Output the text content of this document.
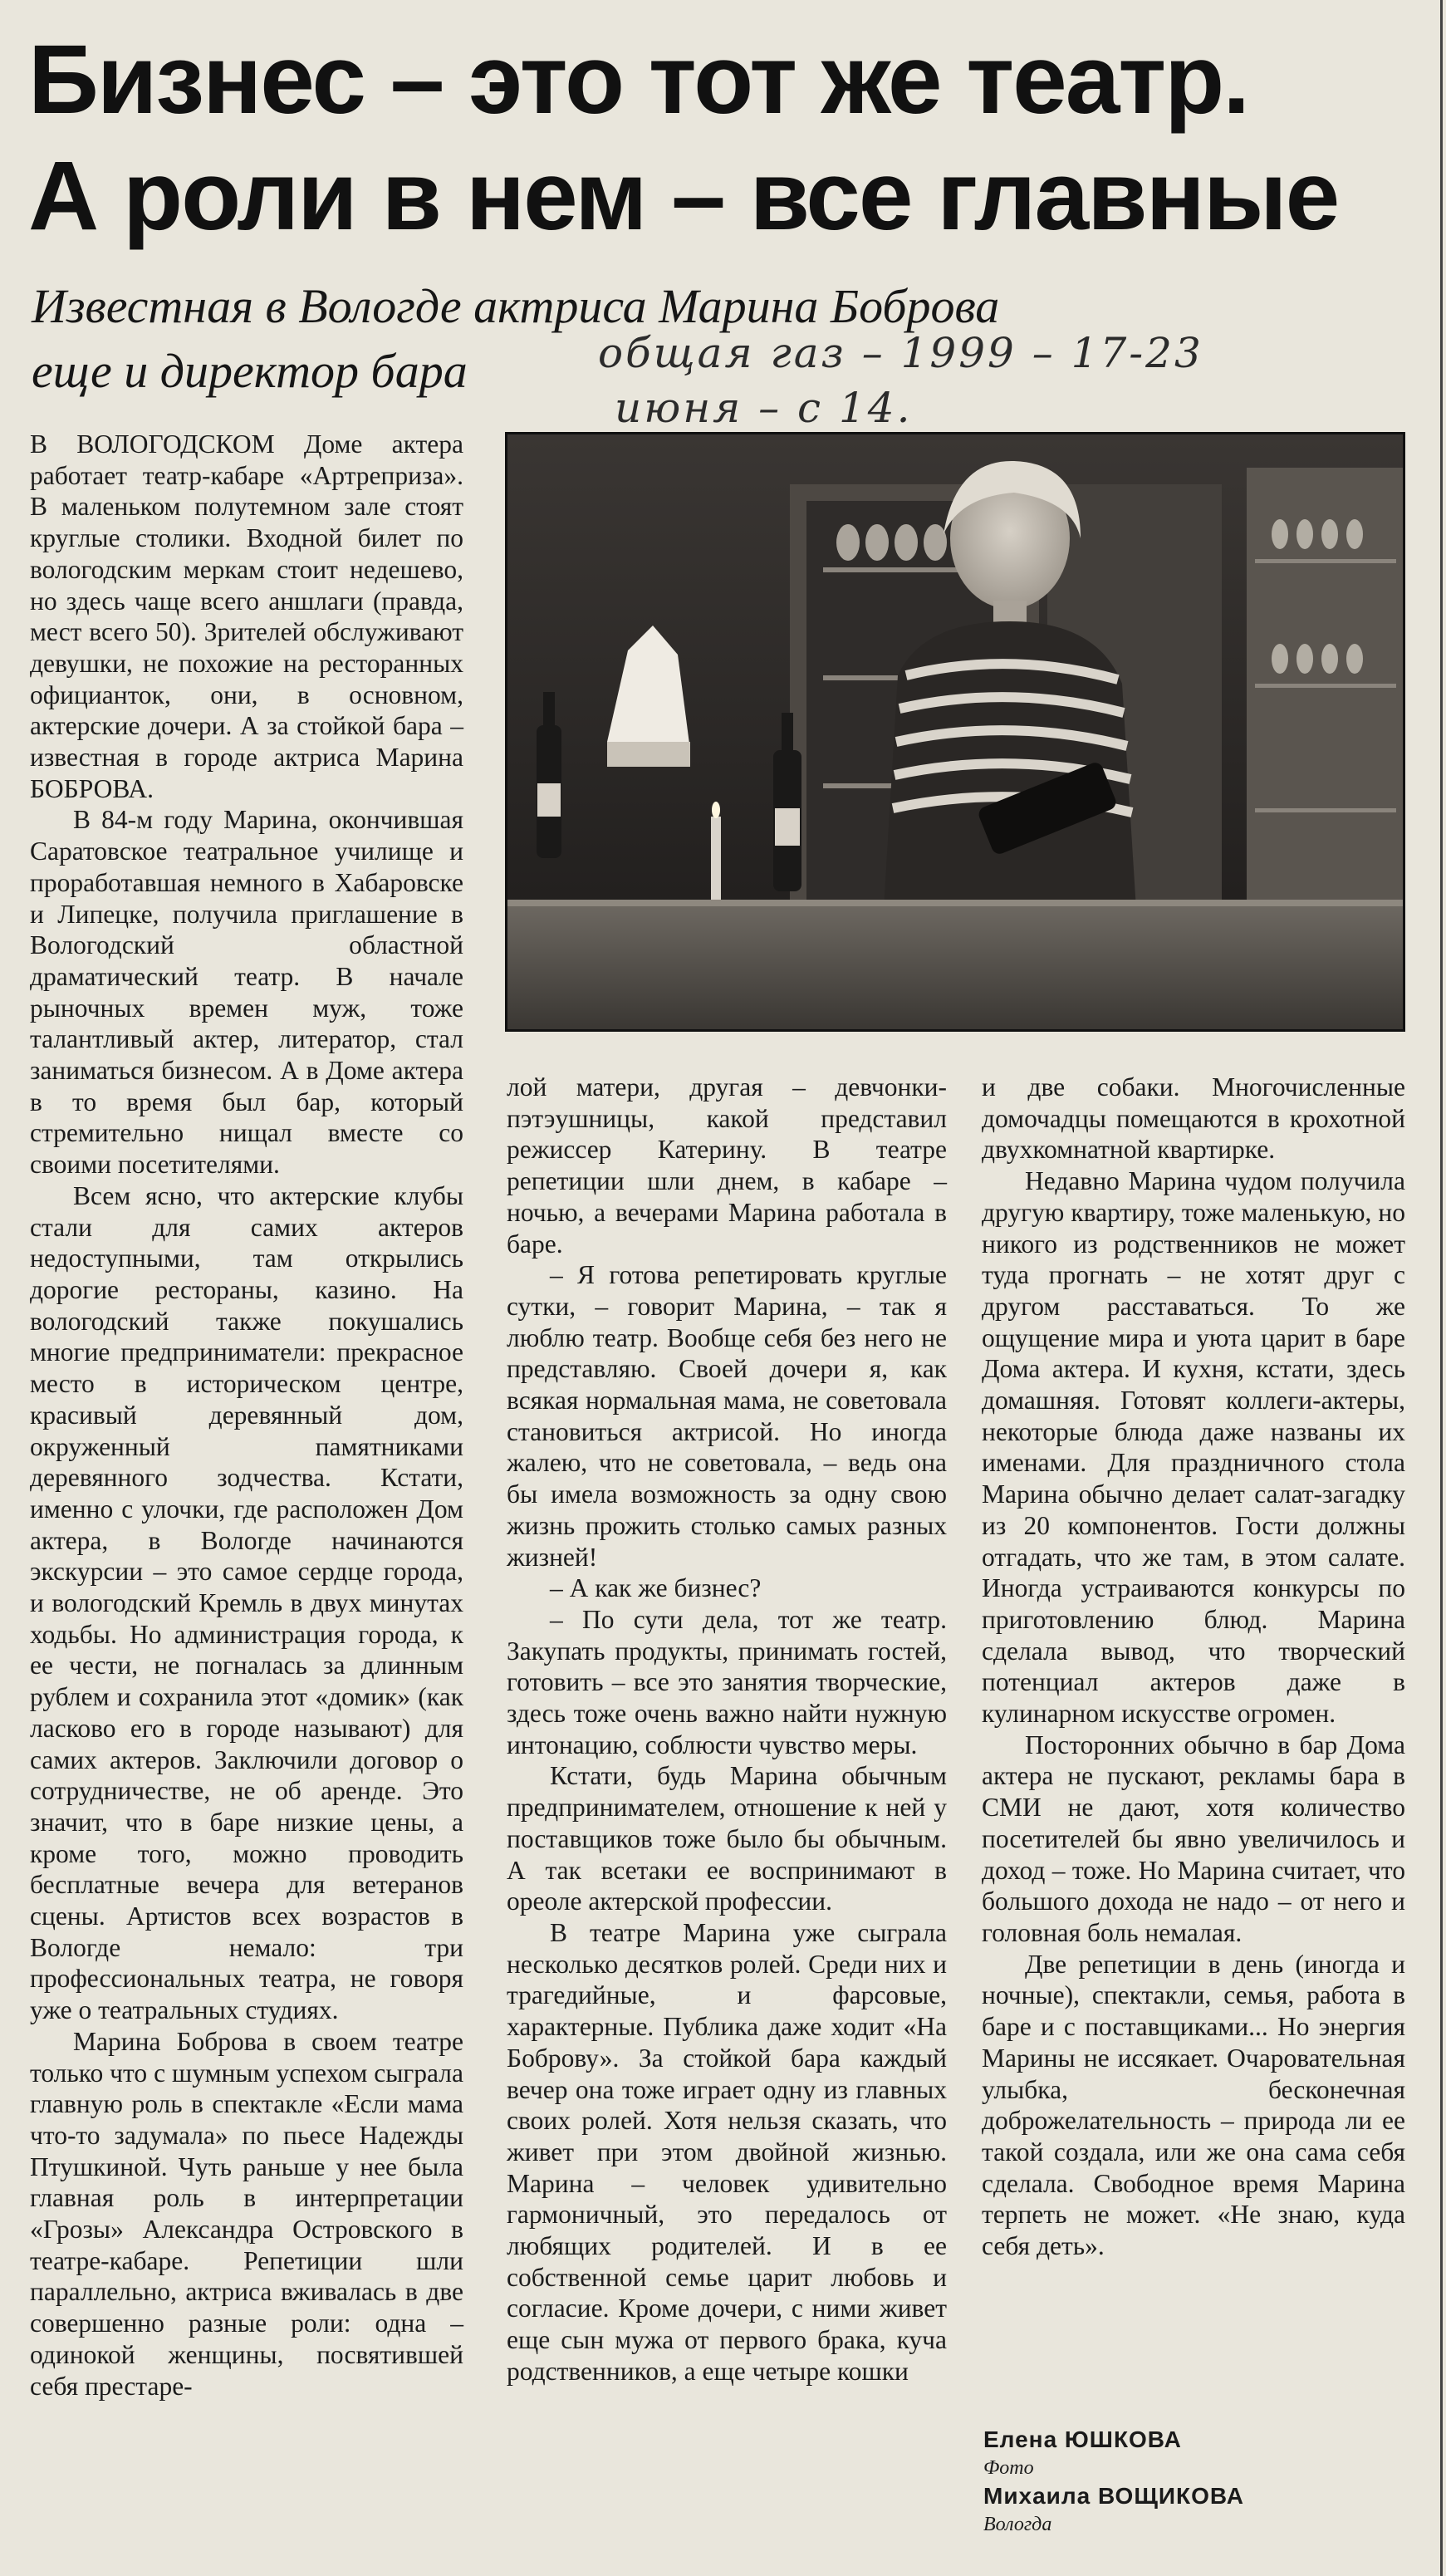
Бизнес – это тот же театр.
А роли в нем – все главные
Известная в Вологде актриса Марина Боброва
еще и директор бара	общая газ – 1999 – 17-23
июня – с 14.

В ВОЛОГОДСКОМ Доме актера работает театр-кабаре «Артрепризa». В маленьком полутемном зале стоят круглые столики. Входной билет по вологодским меркам стоит недешево, но здесь чаще всего аншлаги (правда, мест всего 50). Зрителей обслуживают девушки, не похожие на ресторанных официанток, они, в основном, актерские дочери. А за стойкой бара – известная в городе актриса Марина БОБРОВА.

В 84-м году Марина, окончившая Саратовское театральное училище и проработавшая немного в Хабаровске и Липецке, получила приглашение в Вологодский областной драматический театр. В начале рыночных времен муж, тоже талантливый актер, литератор, стал заниматься бизнесом. А в Доме актера в то время был бар, который стремительно нищал вместе со своими посетителями.

Всем ясно, что актерские клубы стали для самих актеров недоступными, там открылись дорогие рестораны, казино. На вологодский также покушались многие предприниматели: прекрасное место в историческом центре, красивый деревянный дом, окруженный памятниками деревянного зодчества. Кстати, именно с улочки, где расположен Дом актера, в Вологде начинаются экскурсии – это самое сердце города, и вологодский Кремль в двух минутах ходьбы. Но администрация города, к ее чести, не погналась за длинным рублем и сохранила этот «домик» (как ласково его в городе называют) для самих актеров. Заключили договор о сотрудничестве, не об аренде. Это значит, что в баре низкие цены, а кроме того, можно проводить бесплатные вечера для ветеранов сцены. Артистов всех возрастов в Вологде немало: три профессиональных театра, не говоря уже о театральных студиях.

Марина Боброва в своем театре только что с шумным успехом сыграла главную роль в спектакле «Если мама что-то задумала» по пьесе Надежды Птушкиной. Чуть раньше у нее была главная роль в интерпретации «Грозы» Александра Островского в театре-кабаре. Репетиции шли параллельно, актриса вживалась в две совершенно разные роли: одна – одинокой женщины, посвятившей себя престаре-

лой матери, другая – девчонки-пэтэушницы, какой представил режиссер Катерину. В театре репетиции шли днем, в кабаре – ночью, а вечерами Марина работала в баре.

– Я готова репетировать круглые сутки, – говорит Марина, – так я люблю театр. Вообще себя без него не представляю. Своей дочери я, как всякая нормальная мама, не советовала становиться актрисой. Но иногда жалею, что не советовала, – ведь она бы имела возможность за одну свою жизнь прожить столько самых разных жизней!

– А как же бизнес?

– По сути дела, тот же театр. Закупать продукты, принимать гостей, готовить – все это занятия творческие, здесь тоже очень важно найти нужную интонацию, соблюсти чувство меры.

Кстати, будь Марина обычным предпринимателем, отношение к ней у поставщиков тоже было бы обычным. А так всетаки ее воспринимают в ореоле актерской профессии.

В театре Марина уже сыграла несколько десятков ролей. Среди них и трагедийные, и фарсовые, характерные. Публика даже ходит «На Боброву». За стойкой бара каждый вечер она тоже играет одну из главных своих ролей. Хотя нельзя сказать, что живет при этом двойной жизнью. Марина – человек удивительно гармоничный, это передалось от любящих родителей. И в ее собственной семье царит любовь и согласие. Кроме дочери, с ними живет еще сын мужа от первого брака, куча родственников, а еще четыре кошки

и две собаки. Многочисленные домочадцы помещаются в крохотной двухкомнатной квартирке.

Недавно Марина чудом получила другую квартиру, тоже маленькую, но никого из родственников не может туда прогнать – не хотят друг с другом расставаться. То же ощущение мира и уюта царит в баре Дома актера. И кухня, кстати, здесь домашняя. Готовят коллеги-актеры, некоторые блюда даже названы их именами. Для праздничного стола Марина обычно делает салат-загадку из 20 компонентов. Гости должны отгадать, что же там, в этом салате. Иногда устраиваются конкурсы по приготовлению блюд. Марина сделала вывод, что творческий потенциал актеров даже в кулинарном искусстве огромен.

Посторонних обычно в бар Дома актера не пускают, рекламы бара в СМИ не дают, хотя количество посетителей бы явно увеличилось и доход – тоже. Но Марина считает, что большого дохода не надо – от него и головная боль немалая.

Две репетиции в день (иногда и ночные), спектакли, семья, работа в баре и с поставщиками... Но энергия Марины не иссякает. Очаровательная улыбка, бесконечная доброжелательность – природа ли ее такой создала, или же она сама себя сделала. Свободное время Марина терпеть не может. «Не знаю, куда себя деть».

Елена ЮШКОВА
Фото
Михаила ВОЩИКОВА
Вологда
